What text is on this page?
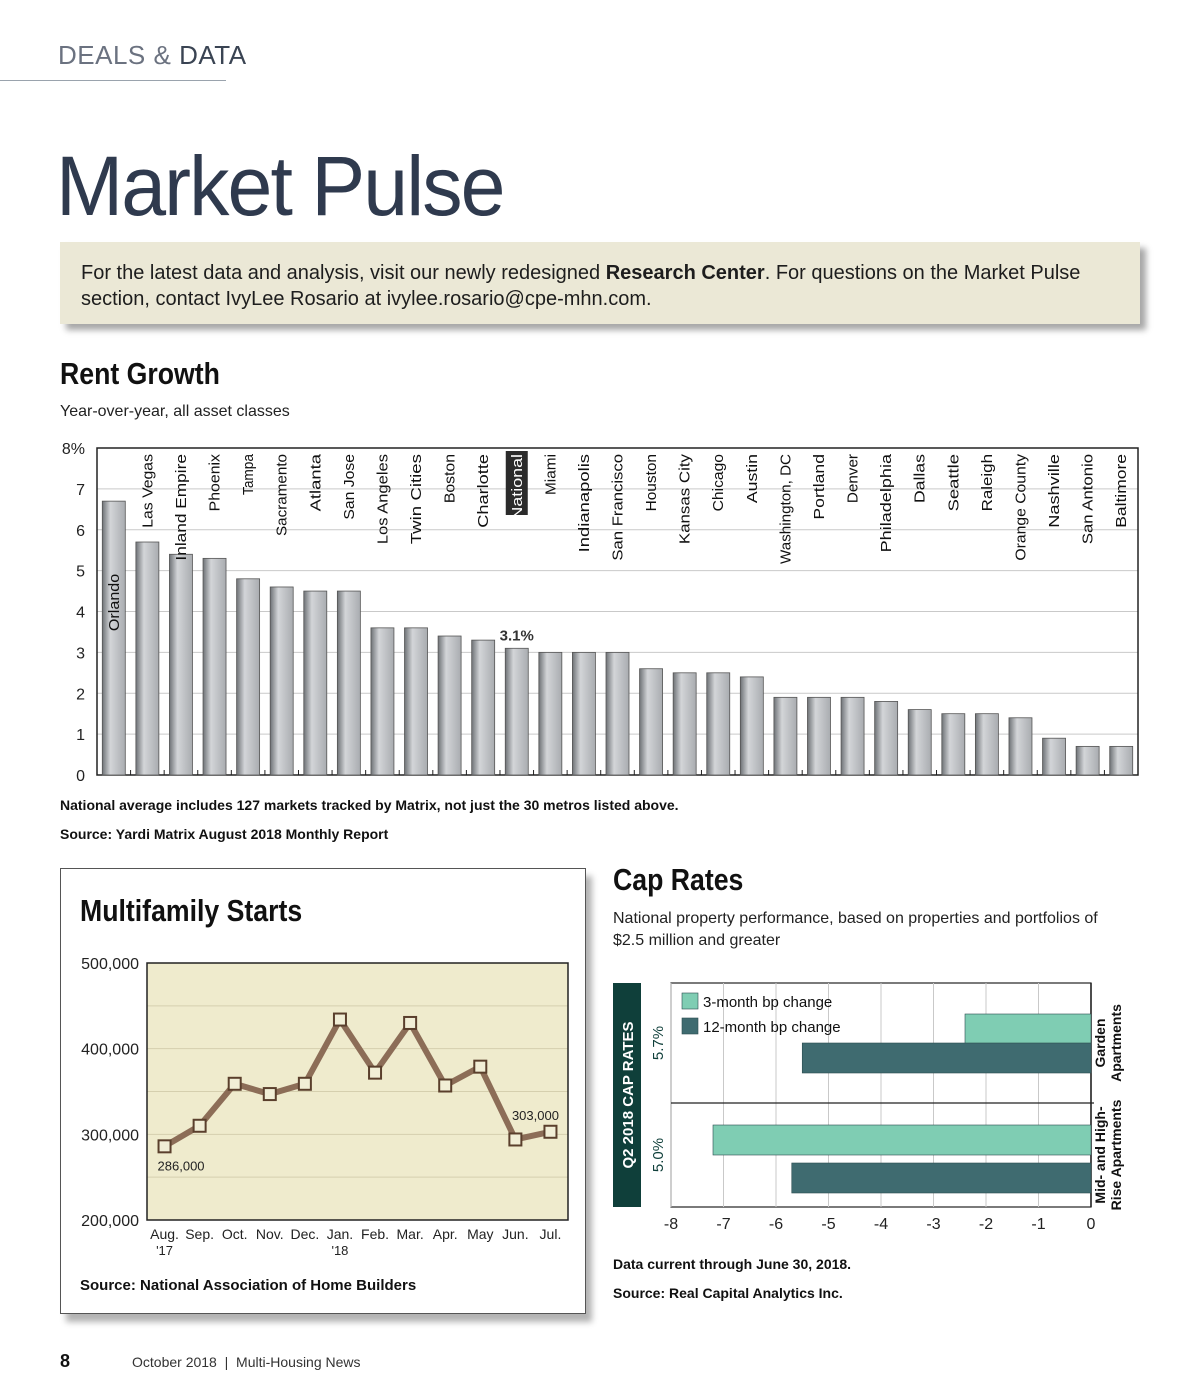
DEALS & DATA
Market Pulse
For the latest data and analysis, visit our newly redesigned Research Center. For questions on the Market Pulse section, contact IvyLee Rosario at ivylee.rosario@cpe-mhn.com.
Rent Growth
Year-over-year, all asset classes
0
1
2
3
4
5
6
7
8%
Orlando
Las Vegas Inland Empire Phoenix Tampa Sacramento Atlanta San Jose Los Angeles Twin Cities Boston Charlotte National
3.1%
Miami Indianapolis San Francisco Houston Kansas City Chicago Austin Washington, DC Portland Denver Philadelphia Dallas Seattle Raleigh Orange County Nashville San Antonio Baltimore
National average includes 127 markets tracked by Matrix, not just the 30 metros listed above.
Source: Yardi Matrix August 2018 Monthly Report
Multifamily Starts
200,000
300,000
400,000
500,000
Aug.
'17
Sep. Oct. Nov. Dec. Jan.
'18
Feb. Mar. Apr. May Jun. Jul.
286,000
303,000
Source: National Association of Home Builders
Cap Rates
National property performance, based on properties and portfolios of
$2.5 million and greater
Q2 2018 CAP RATES
-8 -7 -6 -5 -4 -3 -2 -1	0
5.7%	Garden Apartments
5.0%	Mid- and High- Rise Apartments
3-month bp change
12-month bp change
Data current through June 30, 2018.
Source: Real Capital Analytics Inc.
8	October 2018 | Multi-Housing News
